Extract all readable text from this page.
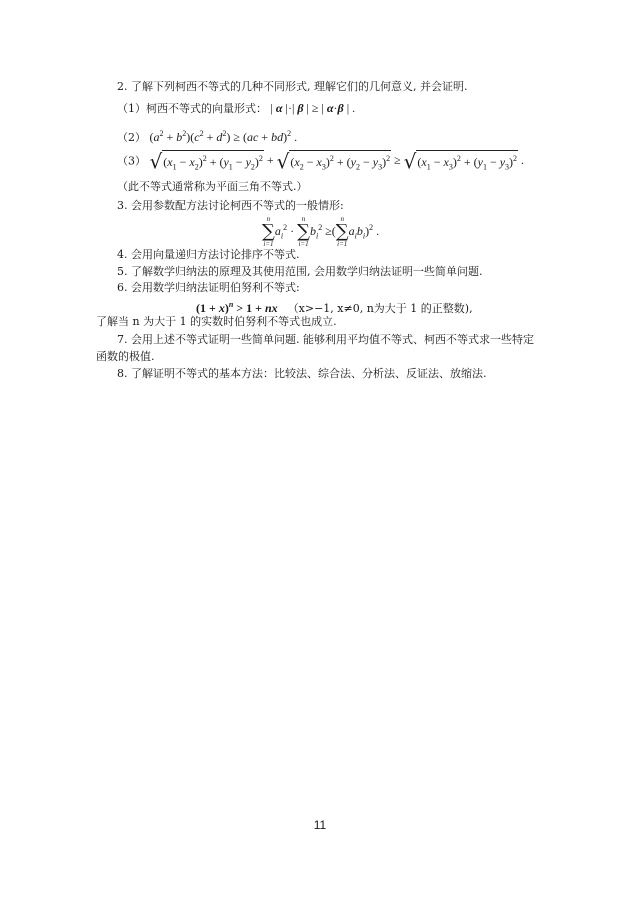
2. 了解下列柯西不等式的几种不同形式, 理解它们的几何意义, 并会证明.
（1）柯西不等式的向量形式： | α |·| β | ≥ | α·β | .
（2） $(a^2 + b^2)(c^2 + d^2) \ge (ac + bd)^2$ .
（3） $√(x_1 - x_2)^2 + (y_1 - y_2)^2 + √(x_2 - x_3)^2 + (y_2 - y_3)^2 \ge √(x_1 - x_3)^2 + (y_1 - y_3)^2$ .
（此不等式通常称为平面三角不等式.）
3. 会用参数配方法讨论柯西不等式的一般情形:
n
∑
i=1
$a_i^2$ ·
n
∑
i=1
$b_i^2$ ≥(
n
∑
i=1
$a_ib_i)^2$ .
4. 会用向量递归方法讨论排序不等式.
5. 了解数学归纳法的原理及其使用范围, 会用数学归纳法证明一些简单问题.
6. 会用数学归纳法证明伯努利不等式:
$(1 + x)^n > 1$ + nx （x>−1, x≠0, n为大于 1 的正整数),
了解当 n 为大于 1 的实数时伯努利不等式也成立.
7. 会用上述不等式证明一些简单问题. 能够利用平均值不等式、柯西不等式求一些特定
函数的极值.
8. 了解证明不等式的基本方法：比较法、综合法、分析法、反证法、放缩法.
11
